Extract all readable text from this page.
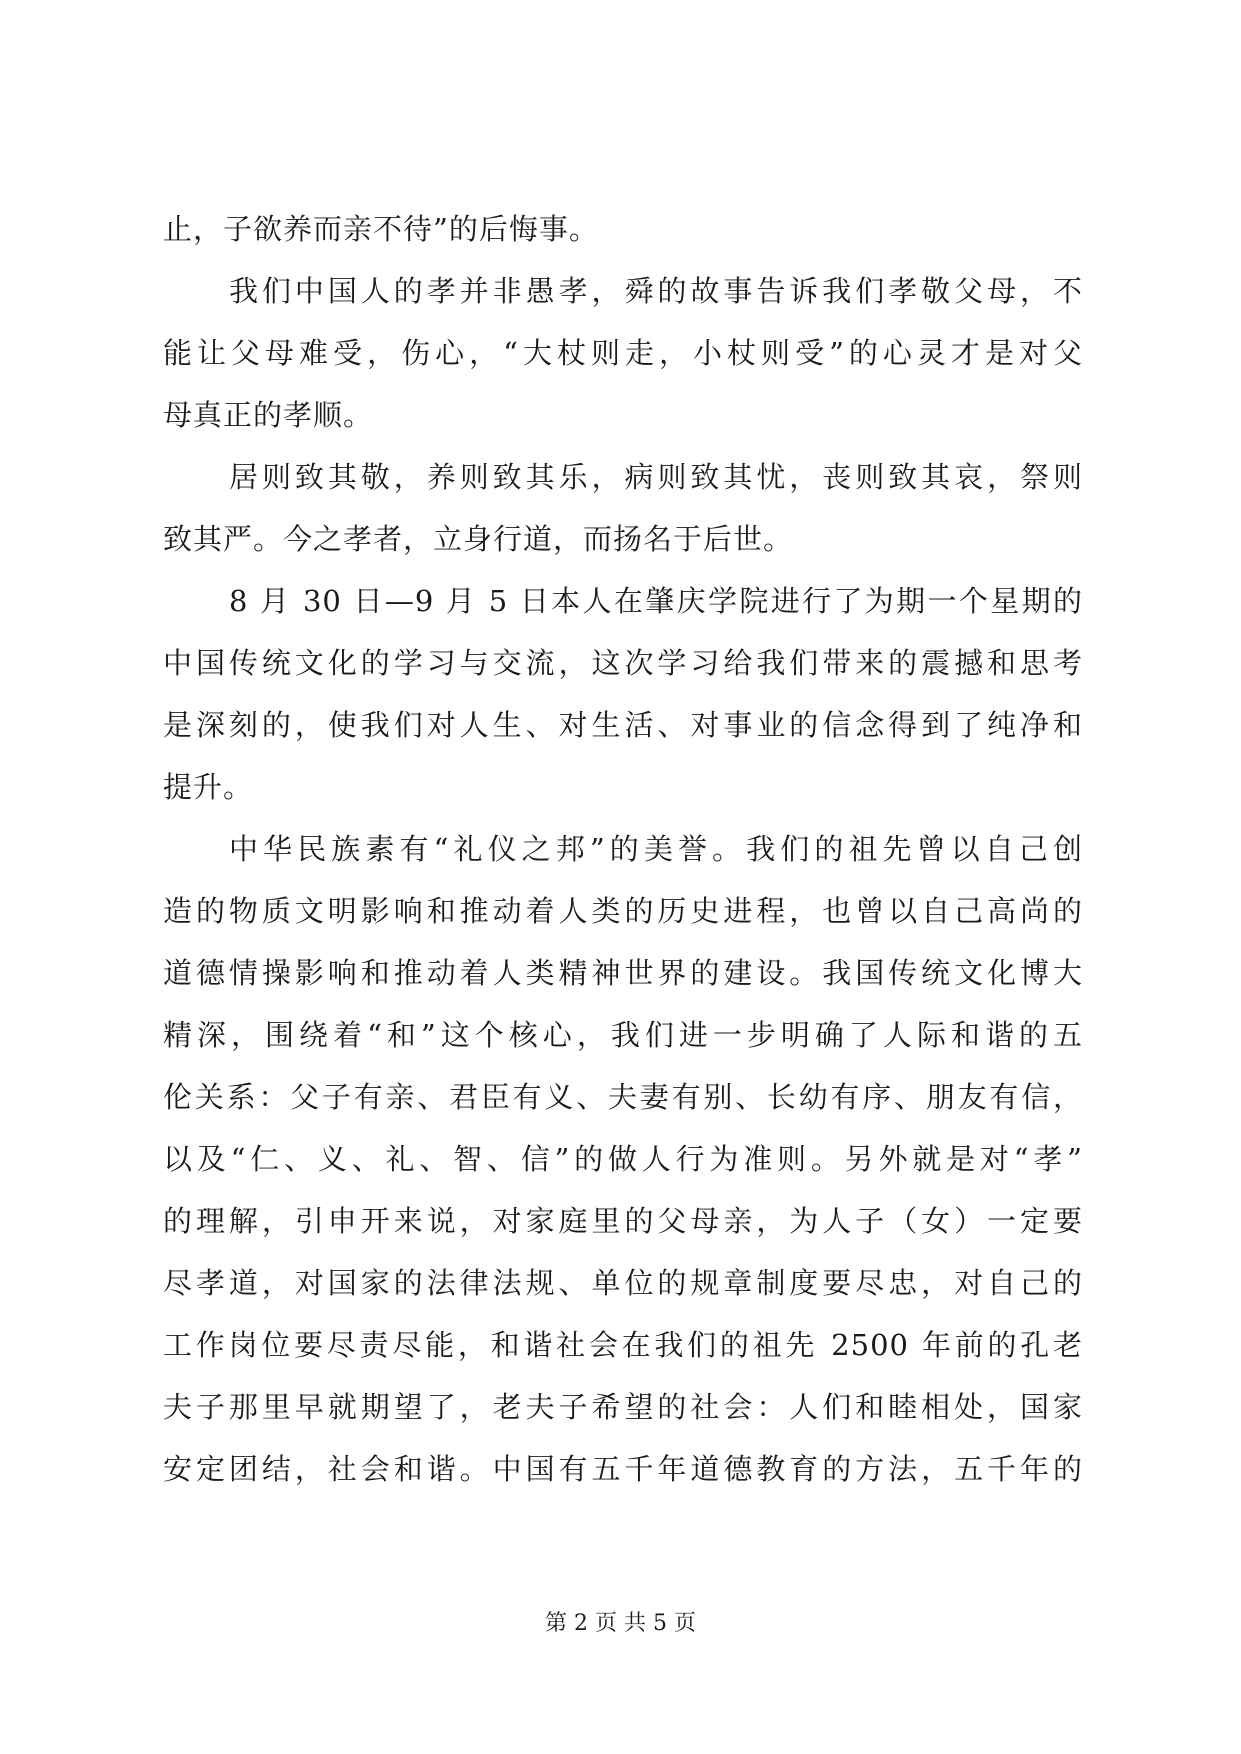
止，子欲养而亲不待”的后悔事。
我们中国人的孝并非愚孝，舜的故事告诉我们孝敬父母，不
能让父母难受，伤心，“大杖则走，小杖则受”的心灵才是对父
母真正的孝顺。
居则致其敬，养则致其乐，病则致其忧，丧则致其哀，祭则
致其严。今之孝者，立身行道，而扬名于后世。
8 月 30 日—9 月 5 日本人在肇庆学院进行了为期一个星期的
中国传统文化的学习与交流，这次学习给我们带来的震撼和思考
是深刻的，使我们对人生、对生活、对事业的信念得到了纯净和
提升。
中华民族素有“礼仪之邦”的美誉。我们的祖先曾以自己创
造的物质文明影响和推动着人类的历史进程，也曾以自己高尚的
道德情操影响和推动着人类精神世界的建设。我国传统文化博大
精深，围绕着“和”这个核心，我们进一步明确了人际和谐的五
伦关系：父子有亲、君臣有义、夫妻有别、长幼有序、朋友有信，
以及“仁、义、礼、智、信”的做人行为准则。另外就是对“孝”
的理解，引申开来说，对家庭里的父母亲，为人子（女）一定要
尽孝道，对国家的法律法规、单位的规章制度要尽忠，对自己的
工作岗位要尽责尽能，和谐社会在我们的祖先 2500 年前的孔老
夫子那里早就期望了，老夫子希望的社会：人们和睦相处，国家
安定团结，社会和谐。中国有五千年道德教育的方法，五千年的
第 2 页 共 5 页
